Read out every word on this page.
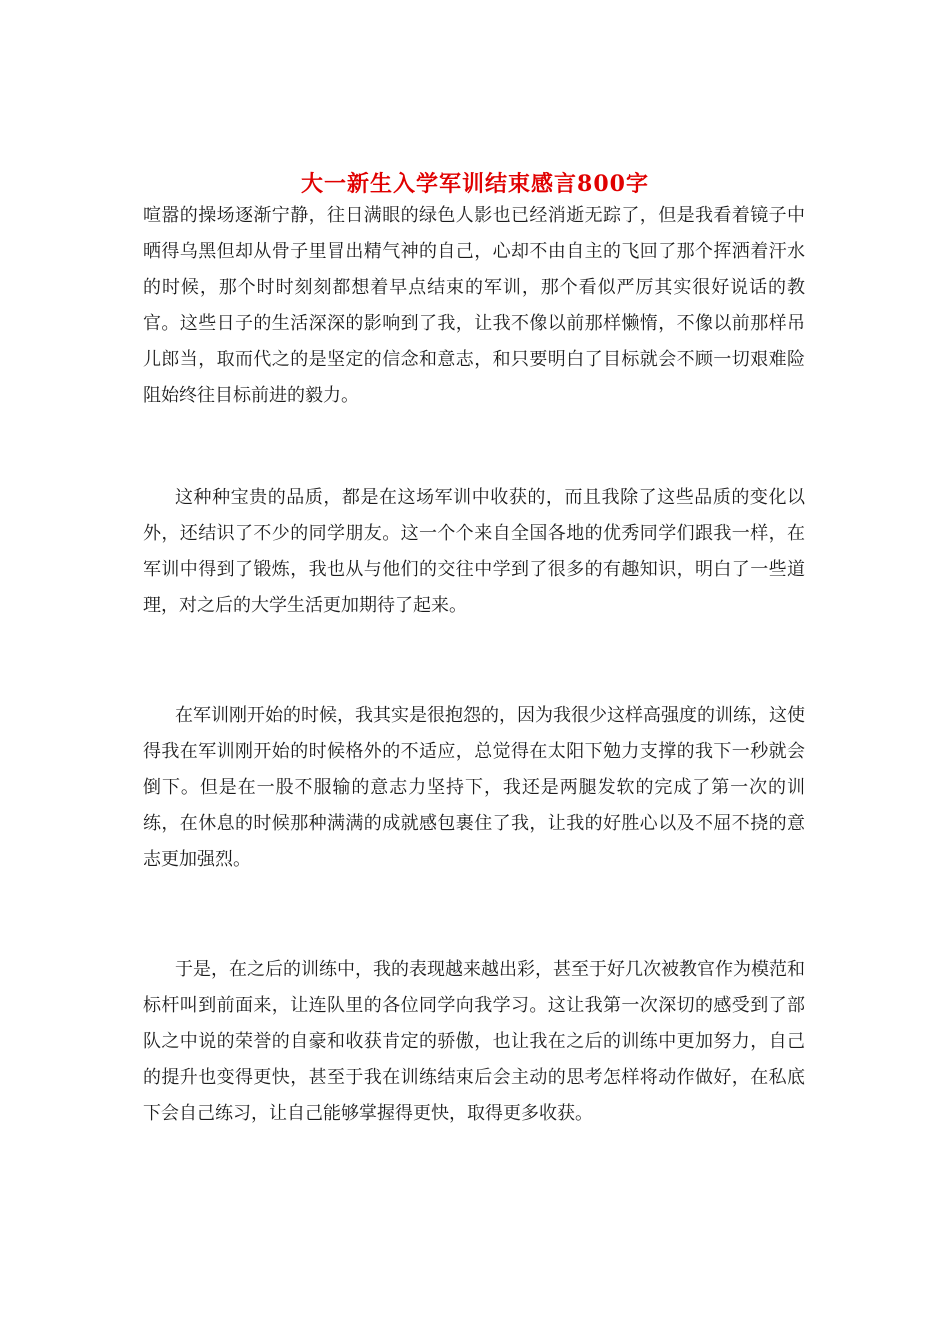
大一新生入学军训结束感言800字

喧嚣的操场逐渐宁静，往日满眼的绿色人影也已经消逝无踪了，但是我看着镜子中晒得乌黑但却从骨子里冒出精气神的自己，心却不由自主的飞回了那个挥洒着汗水的时候，那个时时刻刻都想着早点结束的军训，那个看似严厉其实很好说话的教官。这些日子的生活深深的影响到了我，让我不像以前那样懒惰，不像以前那样吊儿郎当，取而代之的是坚定的信念和意志，和只要明白了目标就会不顾一切艰难险阻始终往目标前进的毅力。

这种种宝贵的品质，都是在这场军训中收获的，而且我除了这些品质的变化以外，还结识了不少的同学朋友。这一个个来自全国各地的优秀同学们跟我一样，在军训中得到了锻炼，我也从与他们的交往中学到了很多的有趣知识，明白了一些道理，对之后的大学生活更加期待了起来。

在军训刚开始的时候，我其实是很抱怨的，因为我很少这样高强度的训练，这使得我在军训刚开始的时候格外的不适应，总觉得在太阳下勉力支撑的我下一秒就会倒下。但是在一股不服输的意志力坚持下，我还是两腿发软的完成了第一次的训练，在休息的时候那种满满的成就感包裹住了我，让我的好胜心以及不屈不挠的意志更加强烈。

于是，在之后的训练中，我的表现越来越出彩，甚至于好几次被教官作为模范和标杆叫到前面来，让连队里的各位同学向我学习。这让我第一次深切的感受到了部队之中说的荣誉的自豪和收获肯定的骄傲，也让我在之后的训练中更加努力，自己的提升也变得更快，甚至于我在训练结束后会主动的思考怎样将动作做好，在私底下会自己练习，让自己能够掌握得更快，取得更多收获。
